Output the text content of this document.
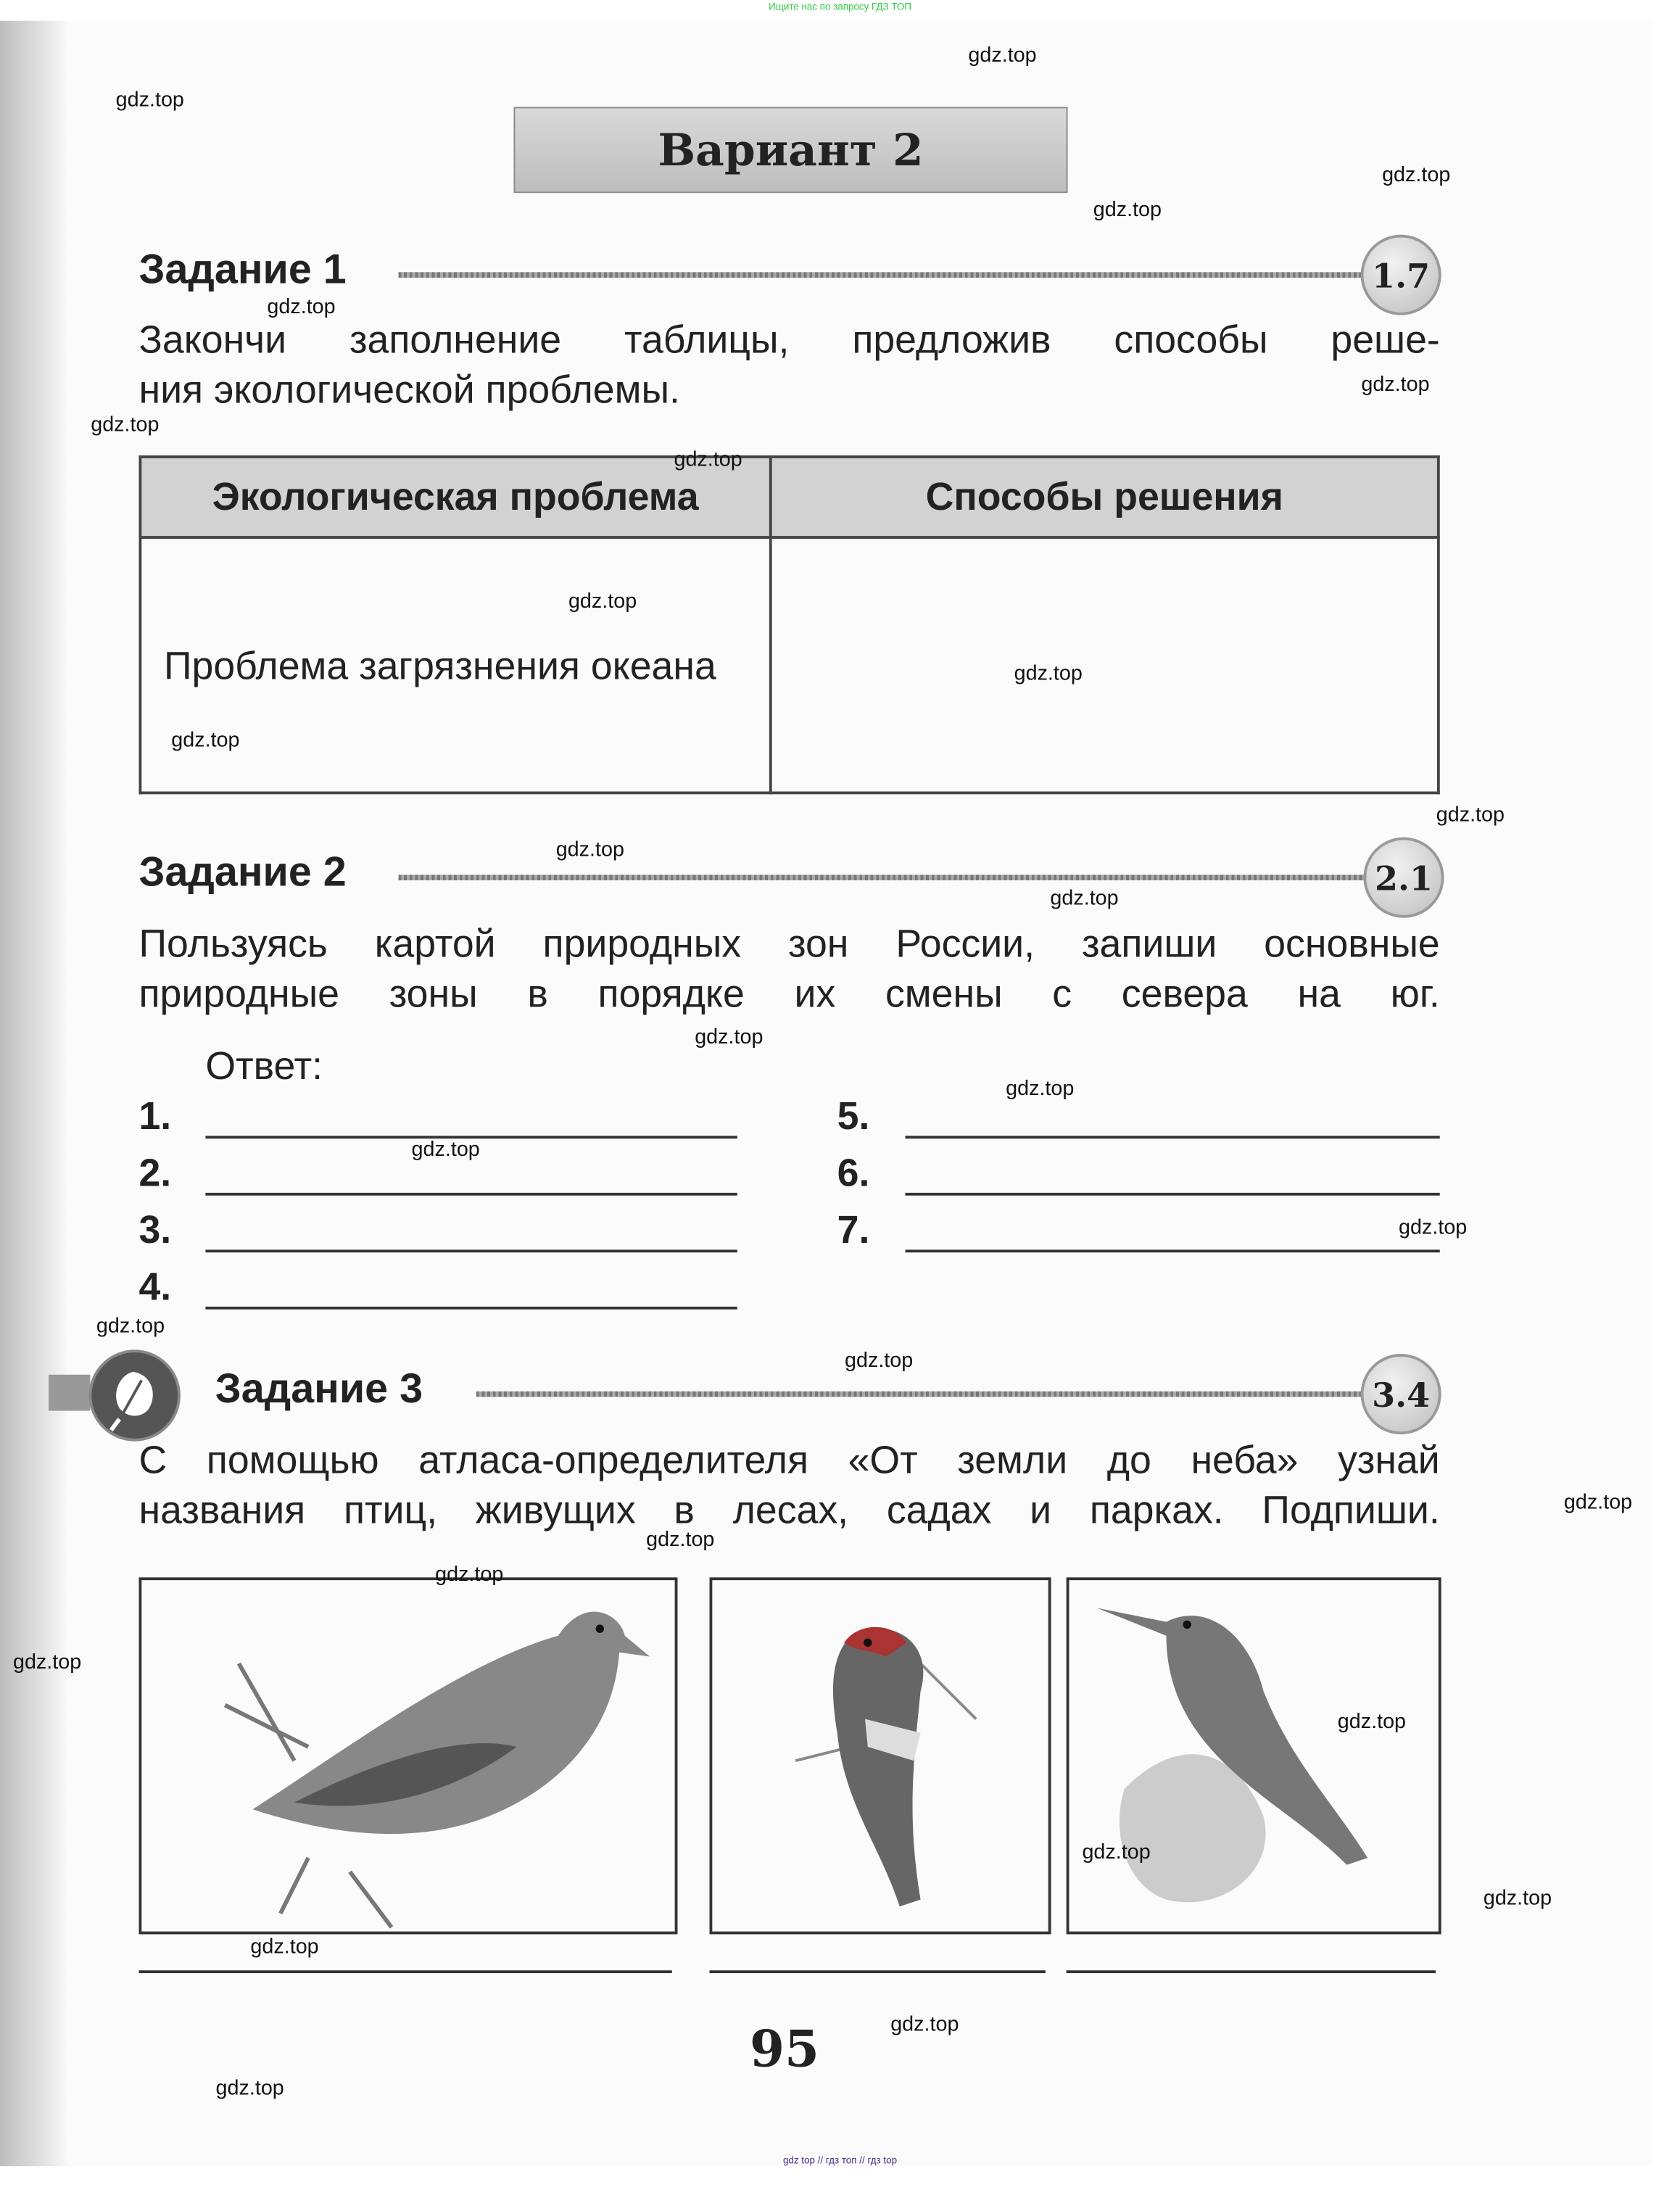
Ищите нас по запросу ГДЗ ТОП
Вариант 2
Задание 1	1.7
Закончи заполнение таблицы, предложив способы реше-
ния экологической проблемы.
Экологическая проблема	Способы решения
Проблема загрязнения океана	
Задание 2	2.1
Пользуясь картой природных зон России, запиши основные
природные зоны в порядке их смены с севера на юг.
Ответ:
1.
2.
3.
4.
5.
6.
7.
Задание 3	3.4
С помощью атласа-определителя «От земли до неба» узнай
названия птиц, живущих в лесах, садах и парках. Подпиши.
95
gdz top // гдз топ // гдз top
gdz.top
gdz.top
gdz.top
gdz.top
gdz.top
gdz.top
gdz.top
gdz.top
gdz.top
gdz.top
gdz.top
gdz.top
gdz.top
gdz.top
gdz.top
gdz.top
gdz.top
gdz.top
gdz.top
gdz.top
gdz.top
gdz.top
gdz.top
gdz.top
gdz.top
gdz.top
gdz.top
gdz.top
gdz.top
gdz.top
